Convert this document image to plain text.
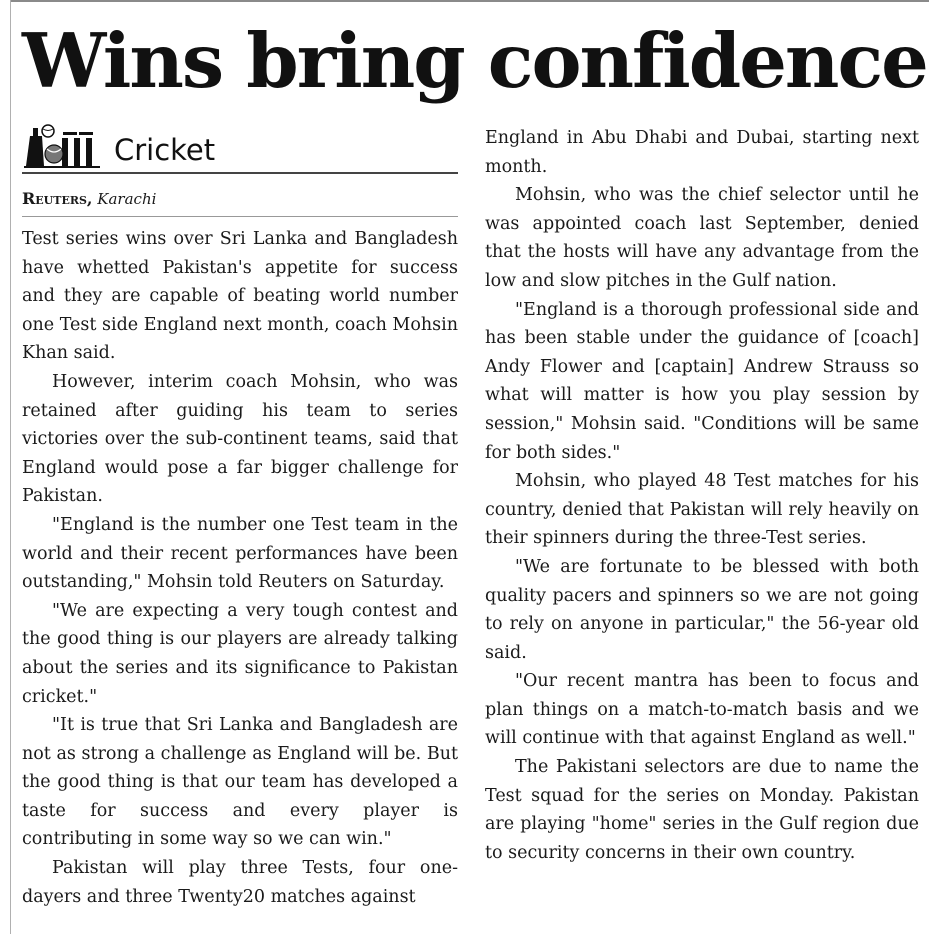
Wins bring confidence
Cricket
Reuters, Karachi

Test series wins over Sri Lanka and Bangladesh have whetted Pakistan's appetite for success and they are capable of beating world number one Test side England next month, coach Mohsin Khan said.

However, interim coach Mohsin, who was retained after guiding his team to series victories over the sub-continent teams, said that England would pose a far bigger challenge for Pakistan.

"England is the number one Test team in the world and their recent performances have been outstanding," Mohsin told Reuters on Saturday.

"We are expecting a very tough contest and the good thing is our players are already talking about the series and its significance to Pakistan cricket."

"It is true that Sri Lanka and Bangladesh are not as strong a challenge as England will be. But the good thing is that our team has developed a taste for success and every player is contributing in some way so we can win."

Pakistan will play three Tests, four one-dayers and three Twenty20 matches against

England in Abu Dhabi and Dubai, starting next month.

Mohsin, who was the chief selector until he was appointed coach last September, denied that the hosts will have any advantage from the low and slow pitches in the Gulf nation.

"England is a thorough professional side and has been stable under the guidance of [coach] Andy Flower and [captain] Andrew Strauss so what will matter is how you play session by session," Mohsin said. "Conditions will be same for both sides."

Mohsin, who played 48 Test matches for his country, denied that Pakistan will rely heavily on their spinners during the three-Test series.

"We are fortunate to be blessed with both quality pacers and spinners so we are not going to rely on anyone in particular," the 56-year old said.

"Our recent mantra has been to focus and plan things on a match-to-match basis and we will continue with that against England as well."

The Pakistani selectors are due to name the Test squad for the series on Monday. Pakistan are playing "home" series in the Gulf region due to security concerns in their own country.
